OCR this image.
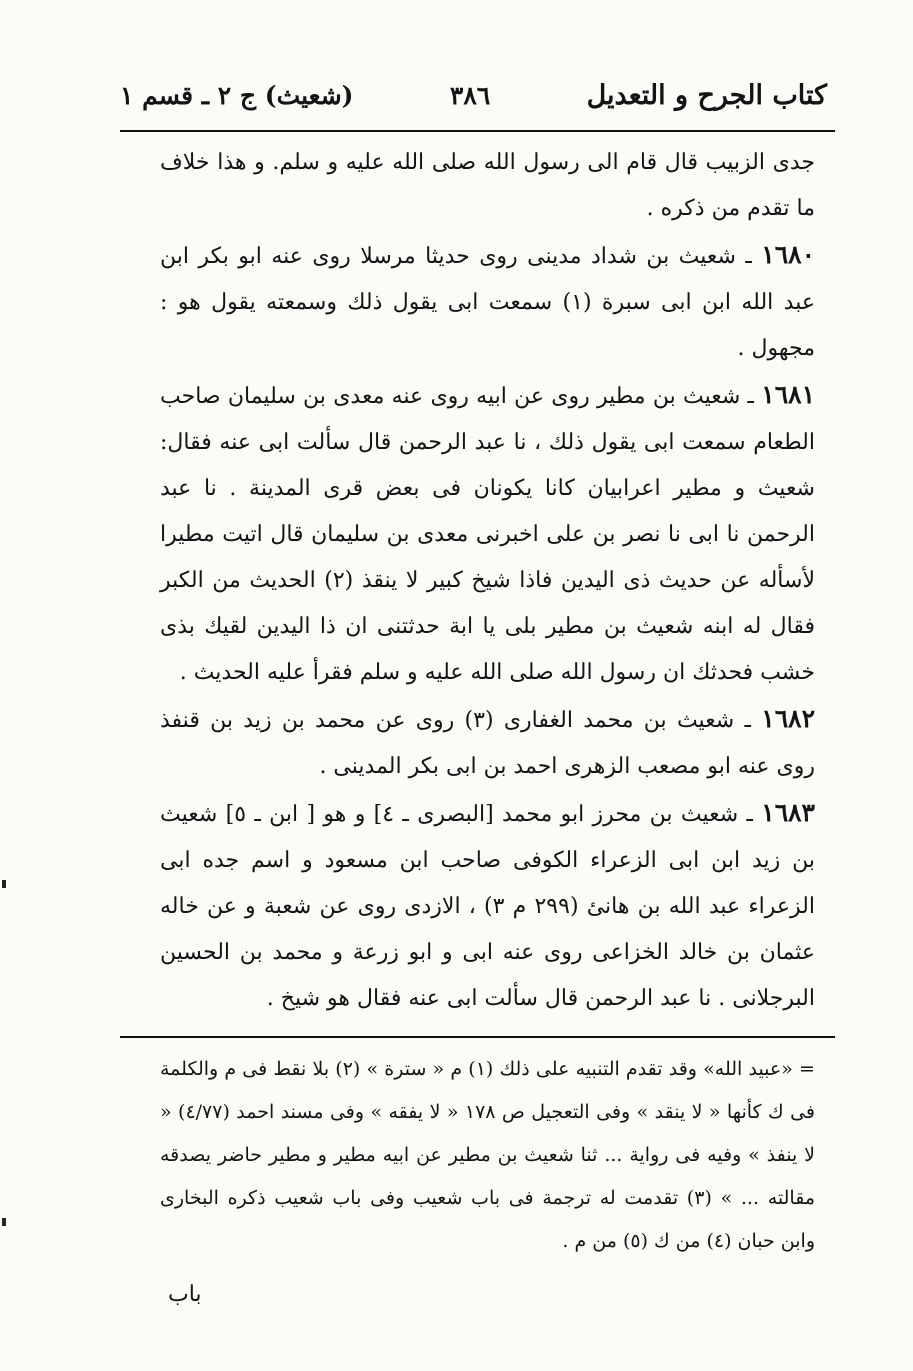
كتاب الجرح و التعديل
٣٨٦
(شعيث) ج ٢ ـ قسم ١

جدى الزبيب قال قام الى رسول الله صلى الله عليه و سلم. و هذا خلاف ما تقدم من ذكره .

١٦٨٠ ـ شعيث بن شداد مدينى روى حديثا مرسلا روى عنه ابو بكر ابن عبد الله ابن ابى سبرة (١) سمعت ابى يقول ذلك وسمعته يقول هو : مجهول .

١٦٨١ ـ شعيث بن مطير روى عن ابيه روى عنه معدى بن سليمان صاحب الطعام سمعت ابى يقول ذلك ، نا عبد الرحمن قال سألت ابى عنه فقال: شعيث و مطير اعرابيان كانا يكونان فى بعض قرى المدينة . نا عبد الرحمن نا ابى نا نصر بن على اخبرنى معدى بن سليمان قال اتيت مطيرا لأسأله عن حديث ذى اليدين فاذا شيخ كبير لا ينقذ (٢) الحديث من الكبر فقال له ابنه شعيث بن مطير بلى يا ابة حدثتنى ان ذا اليدين لقيك بذى خشب فحدثك ان رسول الله صلى الله عليه و سلم فقرأ عليه الحديث .

١٦٨٢ ـ شعيث بن محمد الغفارى (٣) روى عن محمد بن زيد بن قنفذ روى عنه ابو مصعب الزهرى احمد بن ابى بكر المدينى .

١٦٨٣ ـ شعيث بن محرز ابو محمد [البصرى ـ ٤] و هو [ ابن ـ ٥] شعيث بن زيد ابن ابى الزعراء الكوفى صاحب ابن مسعود و اسم جده ابى الزعراء عبد الله بن هانئ (٢٩٩ م ٣) ، الازدى روى عن شعبة و عن خاله عثمان بن خالد الخزاعى روى عنه ابى و ابو زرعة و محمد بن الحسين البرجلانى . نا عبد الرحمن قال سألت ابى عنه فقال هو شيخ .

= «عبيد الله» وقد تقدم التنبيه على ذلك (١) م « سترة » (٢) بلا نقط فى م والكلمة فى ك كأنها « لا ينقد » وفى التعجيل ص ١٧٨ « لا يفقه » وفى مسند احمد (٤/٧٧) « لا ينفذ » وفيه فى رواية ... ثنا شعيث بن مطير عن ابيه مطير و مطير حاضر يصدقه مقالته ... » (٣) تقدمت له ترجمة فى باب شعيب وفى باب شعيب ذكره البخارى وابن حبان (٤) من ك (٥) من م .
باب
